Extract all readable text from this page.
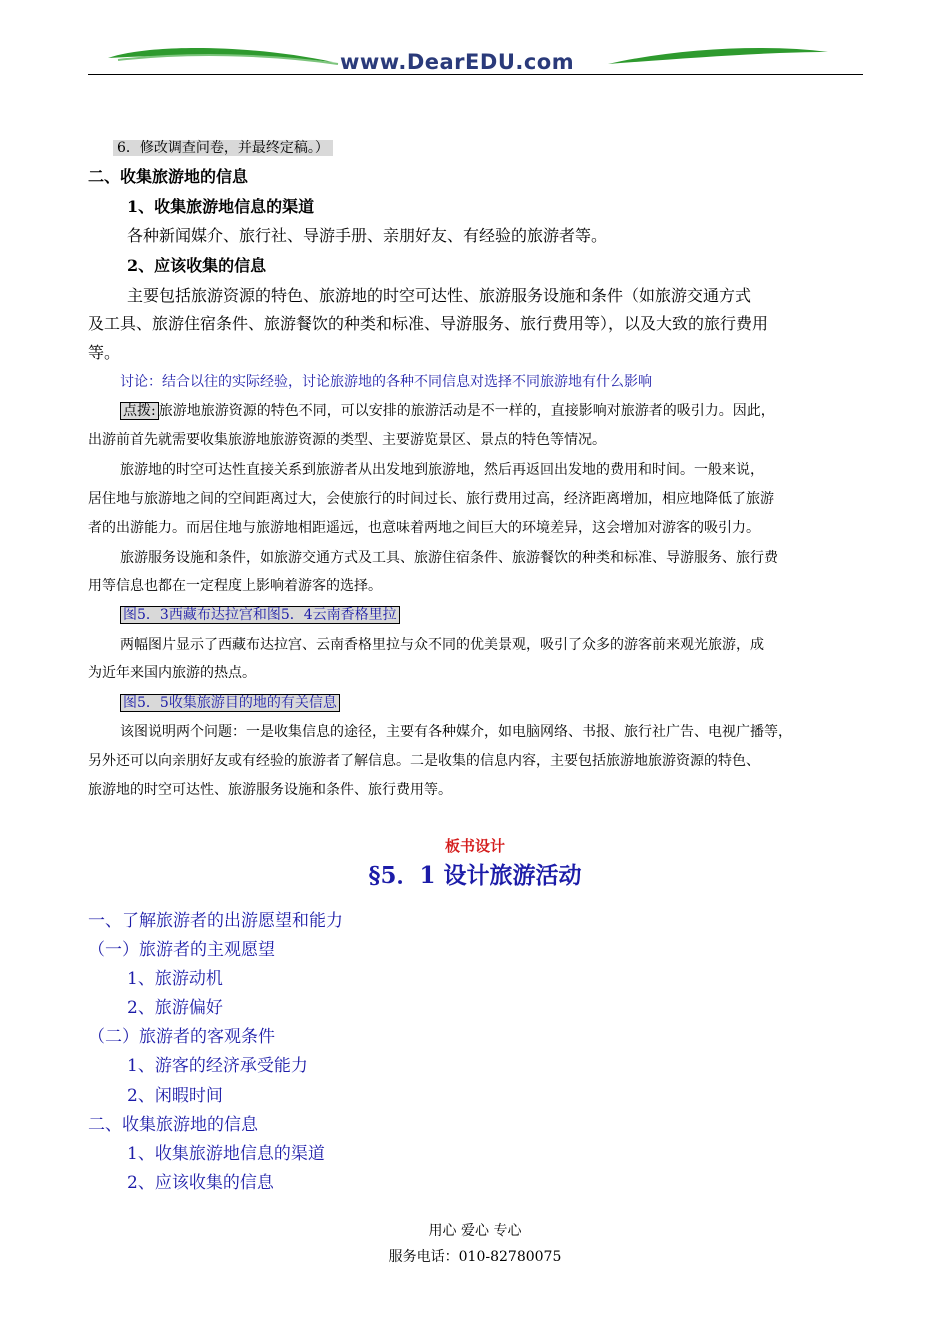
www.DearEDU.com
6．修改调查问卷，并最终定稿。）
二、收集旅游地的信息
1、收集旅游地信息的渠道
各种新闻媒介、旅行社、导游手册、亲朋好友、有经验的旅游者等。
2、应该收集的信息
主要包括旅游资源的特色、旅游地的时空可达性、旅游服务设施和条件（如旅游交通方式
及工具、旅游住宿条件、旅游餐饮的种类和标准、导游服务、旅行费用等），以及大致的旅行费用
等。
讨论：结合以往的实际经验，讨论旅游地的各种不同信息对选择不同旅游地有什么影响
点拨: 旅游地旅游资源的特色不同，可以安排的旅游活动是不一样的，直接影响对旅游者的吸引力。因此，
出游前首先就需要收集旅游地旅游资源的类型、主要游览景区、景点的特色等情况。
旅游地的时空可达性直接关系到旅游者从出发地到旅游地，然后再返回出发地的费用和时间。一般来说，
居住地与旅游地之间的空间距离过大，会使旅行的时间过长、旅行费用过高，经济距离增加，相应地降低了旅游
者的出游能力。而居住地与旅游地相距遥远，也意味着两地之间巨大的环境差异，这会增加对游客的吸引力。
旅游服务设施和条件，如旅游交通方式及工具、旅游住宿条件、旅游餐饮的种类和标准、导游服务、旅行费
用等信息也都在一定程度上影响着游客的选择。
图5．3西藏布达拉宫和图5．4云南香格里拉
两幅图片显示了西藏布达拉宫、云南香格里拉与众不同的优美景观，吸引了众多的游客前来观光旅游，成
为近年来国内旅游的热点。
图5．5收集旅游目的地的有关信息
该图说明两个问题：一是收集信息的途径，主要有各种媒介，如电脑网络、书报、旅行社广告、电视广播等，
另外还可以向亲朋好友或有经验的旅游者了解信息。二是收集的信息内容，主要包括旅游地旅游资源的特色、
旅游地的时空可达性、旅游服务设施和条件、旅行费用等。
板书设计
§5．1 设计旅游活动
一、了解旅游者的出游愿望和能力
（一）旅游者的主观愿望
1、旅游动机
2、旅游偏好
（二）旅游者的客观条件
1、游客的经济承受能力
2、闲暇时间
二、收集旅游地的信息
1、收集旅游地信息的渠道
2、应该收集的信息
用心 爱心 专心
服务电话：010-82780075
